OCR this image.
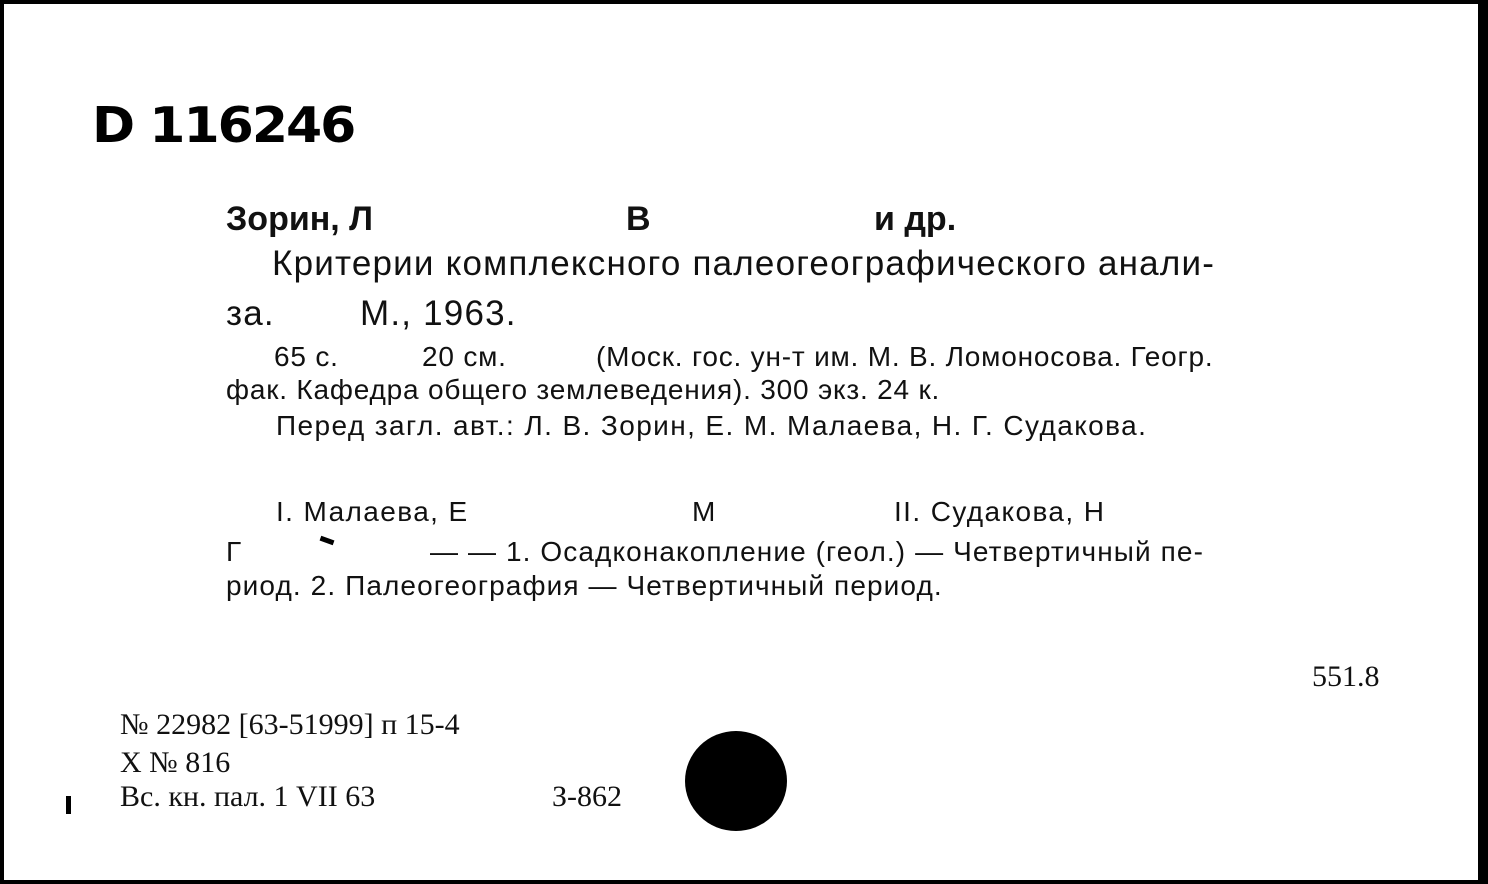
D 116246
Зорин, Л	В	и др.
Критерии комплексного палеогеографического анали-
за. М., 1963.
65 с.	20 см.	(Моск. гос. ун-т им. М. В. Ломоносова. Геогр.
фак. Кафедра общего землеведения). 300 экз. 24 к.
Перед загл. авт.: Л. В. Зорин, Е. М. Малаева, Н. Г. Судакова.
I. Малаева, Е	М	II. Судакова, Н
Г	— — 1. Осадконакопление (геол.) — Четвертичный пе-
риод. 2. Палеогеография — Четвертичный период.
551.8
№ 22982 [63-51999] п 15-4
Х № 816
Вс. кн. пал. 1 VII 63	З-862
